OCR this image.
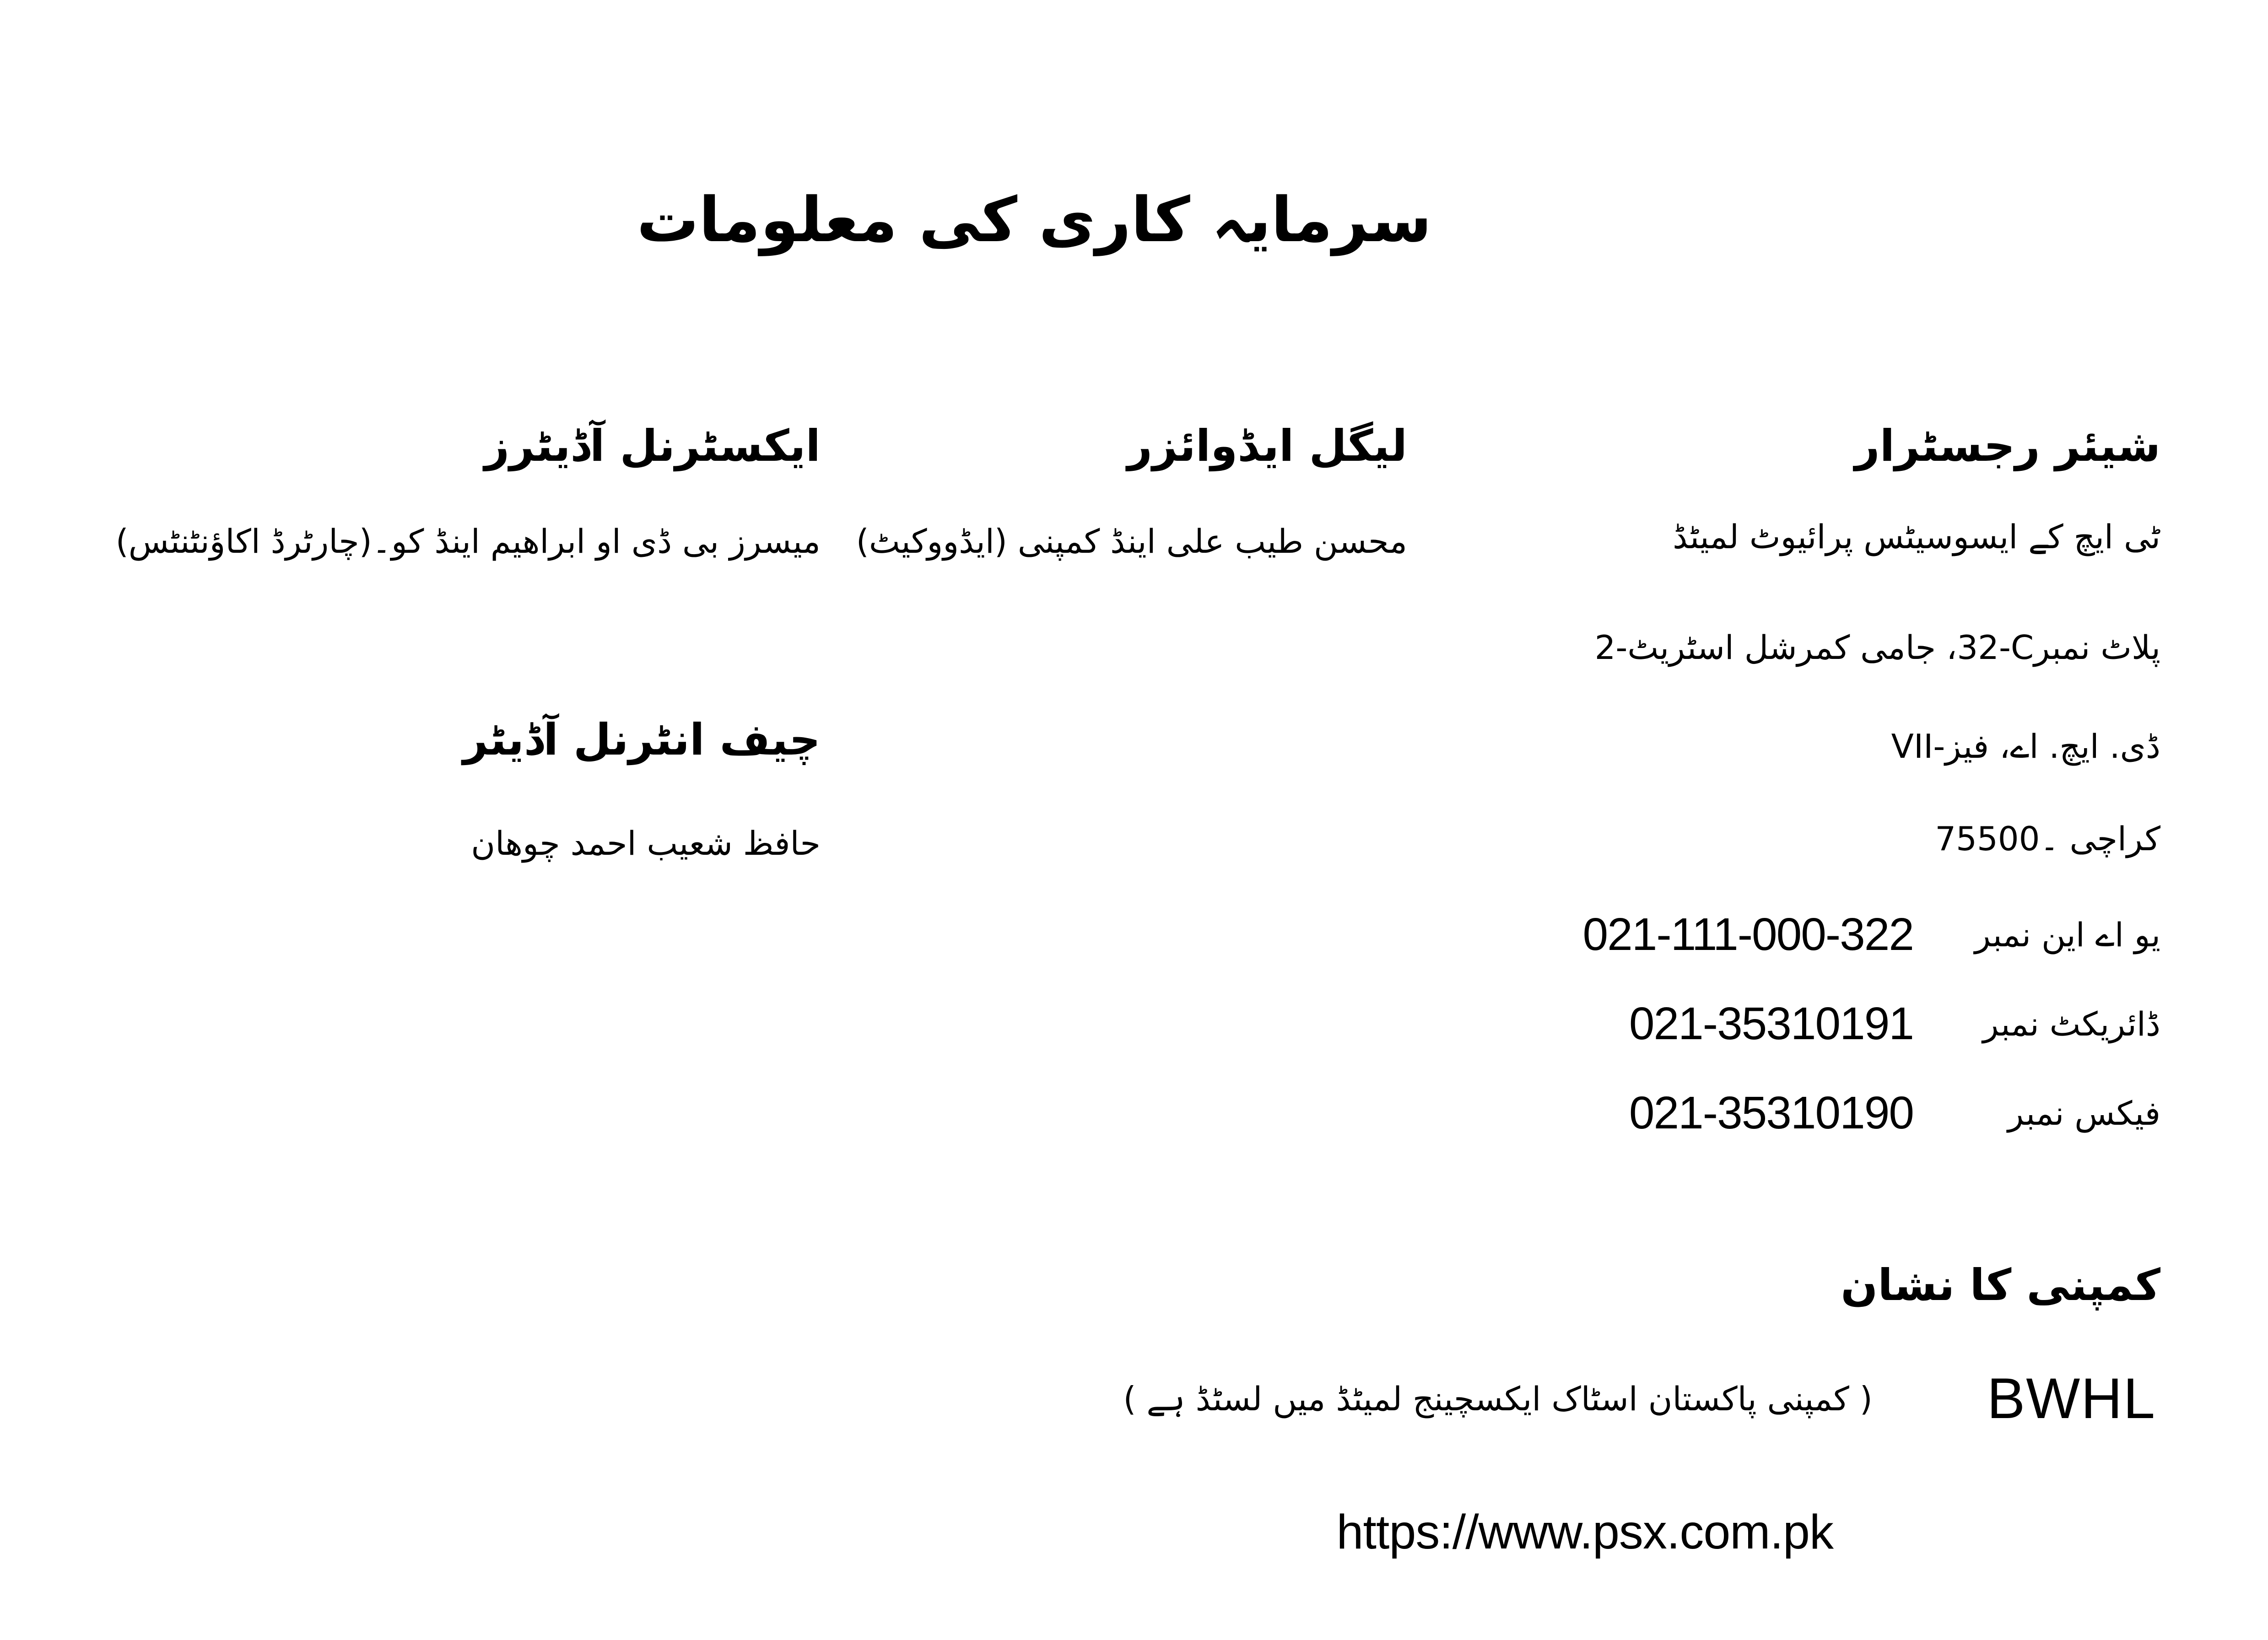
سرمایہ کاری کی معلومات
شیئر رجسٹرار
ٹی ایچ کے ایسوسیٹس پرائیوٹ لمیٹڈ
پلاٹ نمبر⁦32-C⁩، جامی کمرشل اسٹریٹ-2
ڈی. ایچ. اے، فیز-VII
کراچی ۔75500
021-111-000-322	یو اے این نمبر
021-35310191	ڈائریکٹ نمبر
021-35310190	فیکس نمبر
لیگل ایڈوائزر
محسن طیب علی اینڈ کمپنی (ایڈووکیٹ)
ایکسٹرنل آڈیٹرز
میسرز بی ڈی او ابراھیم اینڈ کو۔(چارٹرڈ اکاؤنٹنٹس)
چیف انٹرنل آڈیٹر
حافظ شعیب احمد چوھان
کمپنی کا نشان
( کمپنی پاکستان اسٹاک ایکسچینج لمیٹڈ میں لسٹڈ ہے ) BWHL
https://www.psx.com.pk
